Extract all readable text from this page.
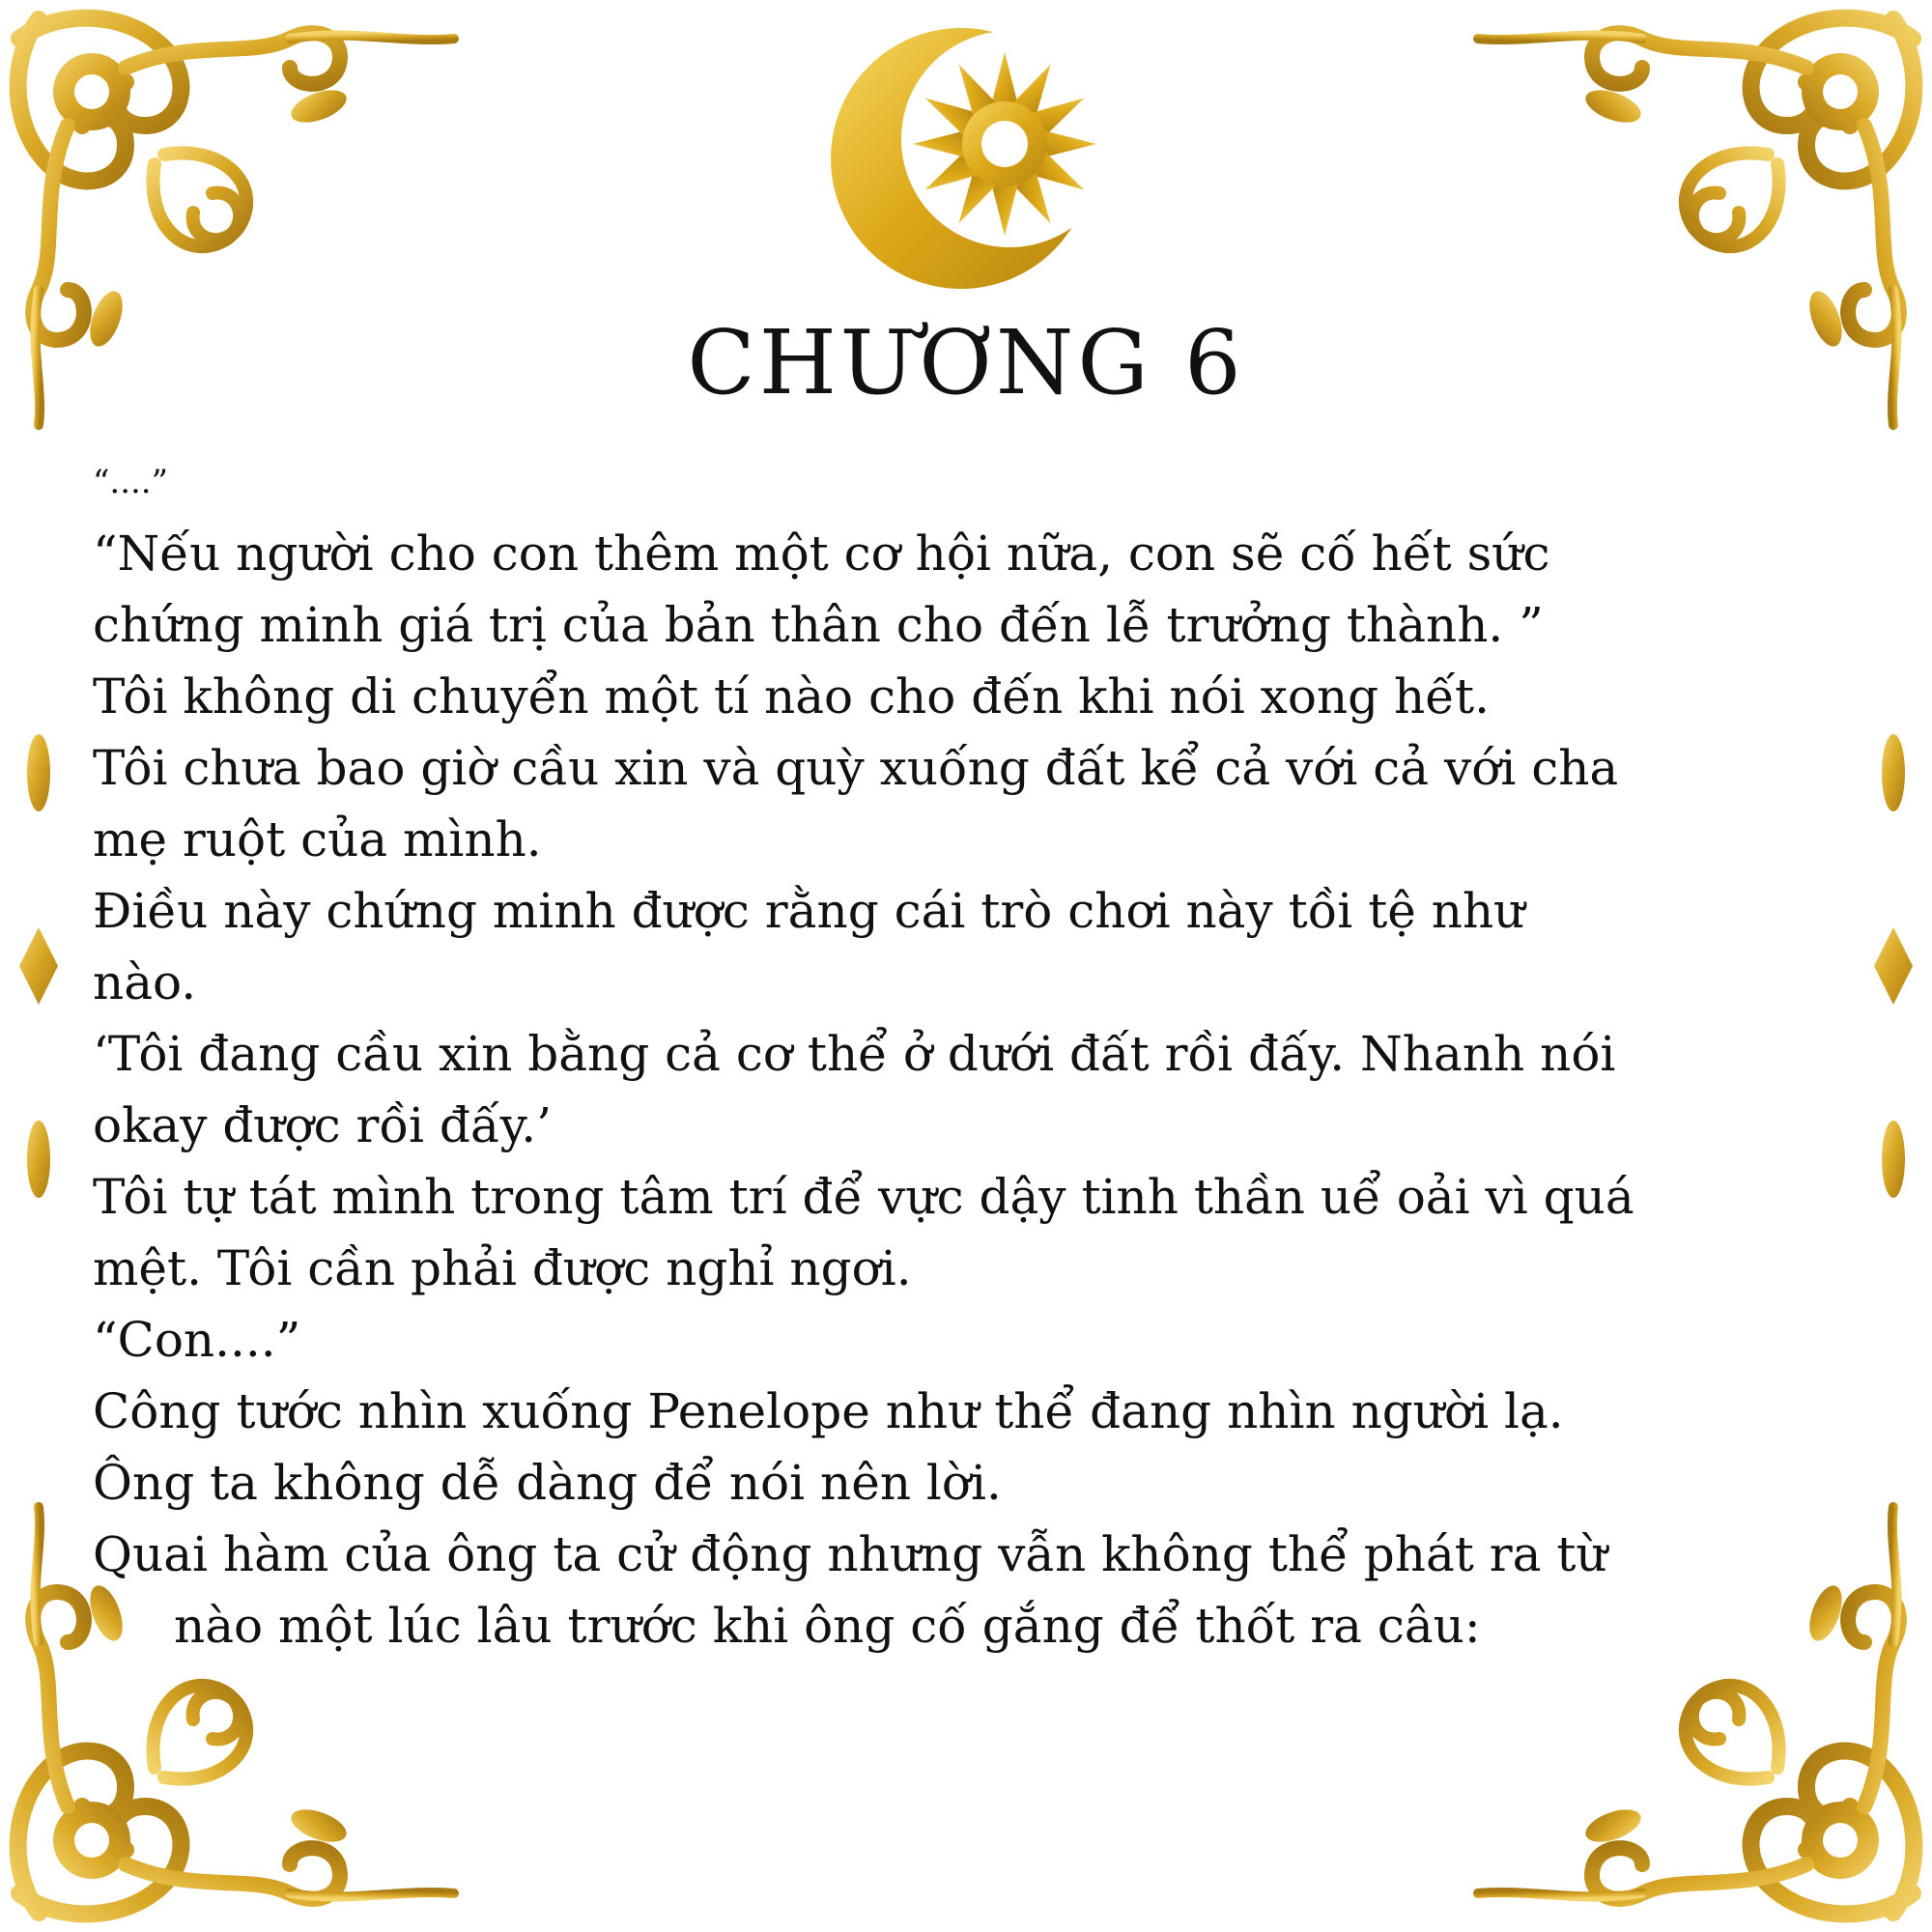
CHƯƠNG 6
“....”
“Nếu người cho con thêm một cơ hội nữa, con sẽ cố hết sức
chứng minh giá trị của bản thân cho đến lễ trưởng thành. ”
Tôi không di chuyển một tí nào cho đến khi nói xong hết.
Tôi chưa bao giờ cầu xin và quỳ xuống đất kể cả với cả với cha
mẹ ruột của mình.
Điều này chứng minh được rằng cái trò chơi này tồi tệ như
nào.
‘Tôi đang cầu xin bằng cả cơ thể ở dưới đất rồi đấy. Nhanh nói
okay được rồi đấy.’
Tôi tự tát mình trong tâm trí để vực dậy tinh thần uể oải vì quá
mệt. Tôi cần phải được nghỉ ngơi.
“Con....”
Công tước nhìn xuống Penelope như thể đang nhìn người lạ.
Ông ta không dễ dàng để nói nên lời.
Quai hàm của ông ta cử động nhưng vẫn không thể phát ra từ
nào một lúc lâu trước khi ông cố gắng để thốt ra câu:
